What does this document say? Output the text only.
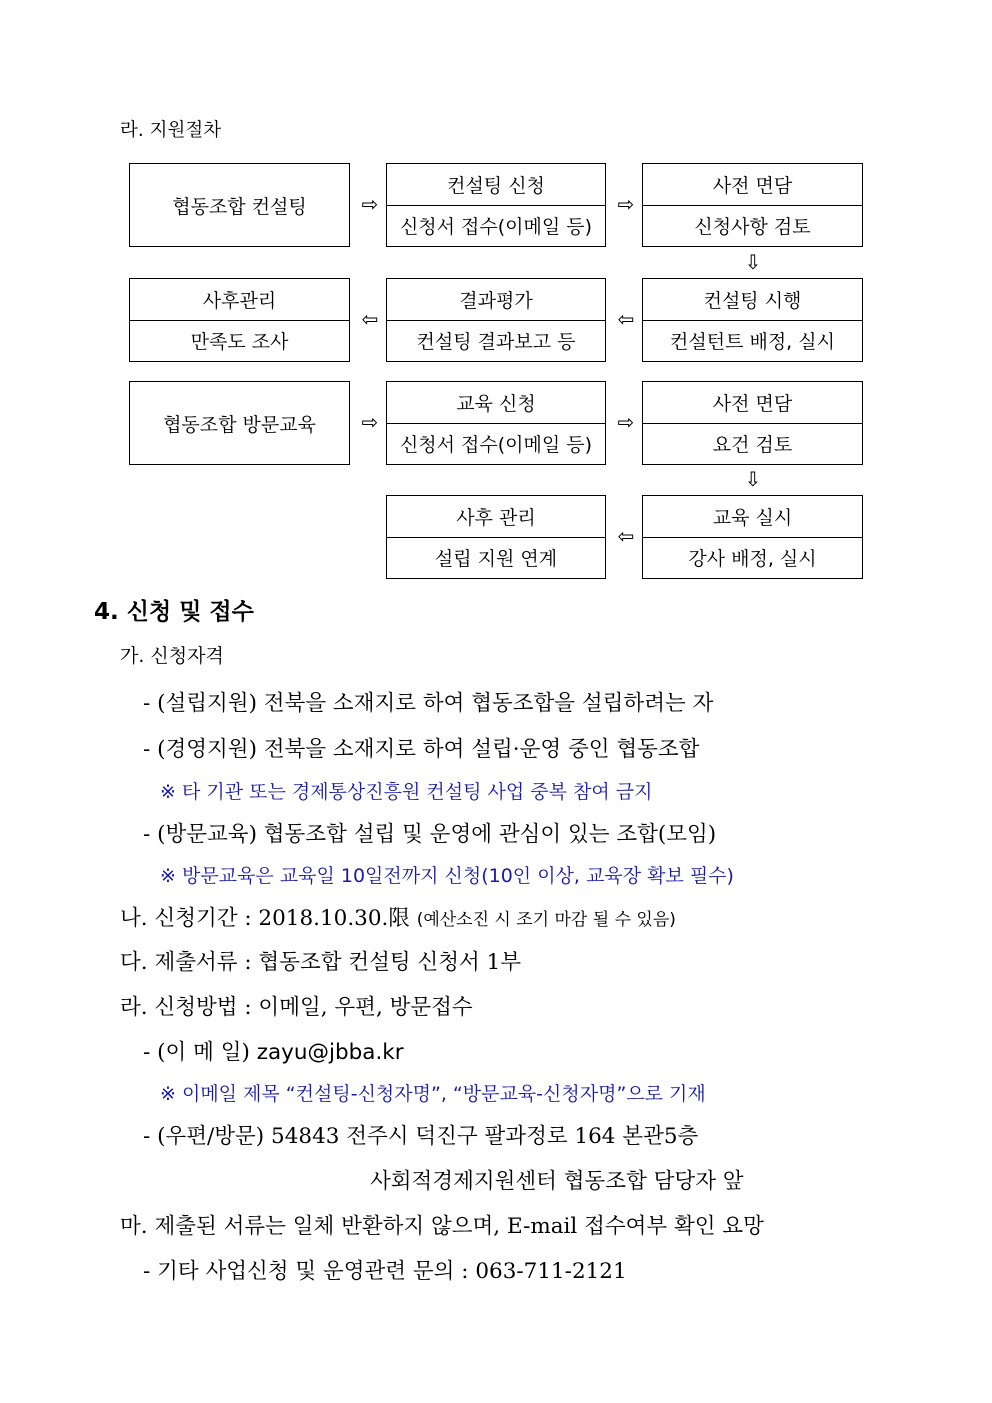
라. 지원절차
협동조합 컨설팅	⇨
컨설팅 신청
신청서 접수(이메일 등)
⇨
사전 면담
신청사항 검토
⇩
사후관리
만족도 조사
⇦
결과평가
컨설팅 결과보고 등
⇦
컨설팅 시행
컨설턴트 배정, 실시
협동조합 방문교육 ⇨
교육 신청
신청서 접수(이메일 등)
⇨
사전 면담
요건 검토
⇩
사후 관리
설립 지원 연계
⇦
교육 실시
강사 배정, 실시
4. 신청 및 접수
가. 신청자격
- (설립지원) 전북을 소재지로 하여 협동조합을 설립하려는 자
- (경영지원) 전북을 소재지로 하여 설립·운영 중인 협동조합
※ 타 기관 또는 경제통상진흥원 컨설팅 사업 중복 참여 금지
- (방문교육) 협동조합 설립 및 운영에 관심이 있는 조합(모임)
※ 방문교육은 교육일 10일전까지 신청(10인 이상, 교육장 확보 필수)
나. 신청기간 : 2018.10.30.限 (예산소진 시 조기 마감 될 수 있음)
다. 제출서류 : 협동조합 컨설팅 신청서 1부
라. 신청방법 : 이메일, 우편, 방문접수
- (이 메 일) zayu@jbba.kr
※ 이메일 제목 “컨설팅-신청자명”, “방문교육-신청자명”으로 기재
- (우편/방문) 54843 전주시 덕진구 팔과정로 164 본관5층
사회적경제지원센터 협동조합 담당자 앞
마. 제출된 서류는 일체 반환하지 않으며, E-mail 접수여부 확인 요망
- 기타 사업신청 및 운영관련 문의 : 063-711-2121
